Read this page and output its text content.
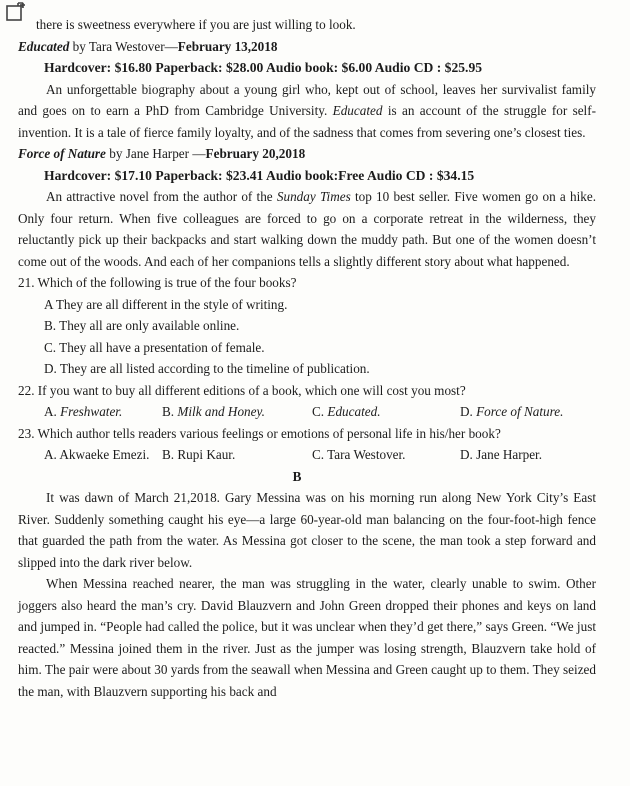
there is sweetness everywhere if you are just willing to look.

Educated by Tara Westover—February 13,2018

Hardcover: $16.80 Paperback: $28.00 Audio book: $6.00 Audio CD : $25.95

An unforgettable biography about a young girl who, kept out of school, leaves her survivalist family and goes on to earn a PhD from Cambridge University. Educated is an account of the struggle for self-invention. It is a tale of fierce family loyalty, and of the sadness that comes from severing one’s closest ties.

Force of Nature by Jane Harper —February 20,2018

Hardcover: $17.10 Paperback: $23.41 Audio book:Free Audio CD : $34.15

An attractive novel from the author of the Sunday Times top 10 best seller. Five women go on a hike. Only four return. When five colleagues are forced to go on a corporate retreat in the wilderness, they reluctantly pick up their backpacks and start walking down the muddy path. But one of the women doesn’t come out of the woods. And each of her companions tells a slightly different story about what happened.

21. Which of the following is true of the four books?

A They are all different in the style of writing.

B. They all are only available online.

C. They all have a presentation of female.

D. They are all listed according to the timeline of publication.

22. If you want to buy all different editions of a book, which one will cost you most?

A. Freshwater.	B. Milk and Honey.	C. Educated.	D. Force of Nature.

23. Which author tells readers various feelings or emotions of personal life in his/her book?

A. Akwaeke Emezi. B. Rupi Kaur.	C. Tara Westover.	D. Jane Harper.

B

It was dawn of March 21,2018. Gary Messina was on his morning run along New York City’s East River. Suddenly something caught his eye—a large 60-year-old man balancing on the four-foot-high fence that guarded the path from the water. As Messina got closer to the scene, the man took a step forward and slipped into the dark river below.

When Messina reached nearer, the man was struggling in the water, clearly unable to swim. Other joggers also heard the man’s cry. David Blauzvern and John Green dropped their phones and keys on land and jumped in. “People had called the police, but it was unclear when they’d get there,” says Green. “We just reacted.” Messina joined them in the river. Just as the jumper was losing strength, Blauzvern take hold of him. The pair were about 30 yards from the seawall when Messina and Green caught up to them. They seized the man, with Blauzvern supporting his back and
